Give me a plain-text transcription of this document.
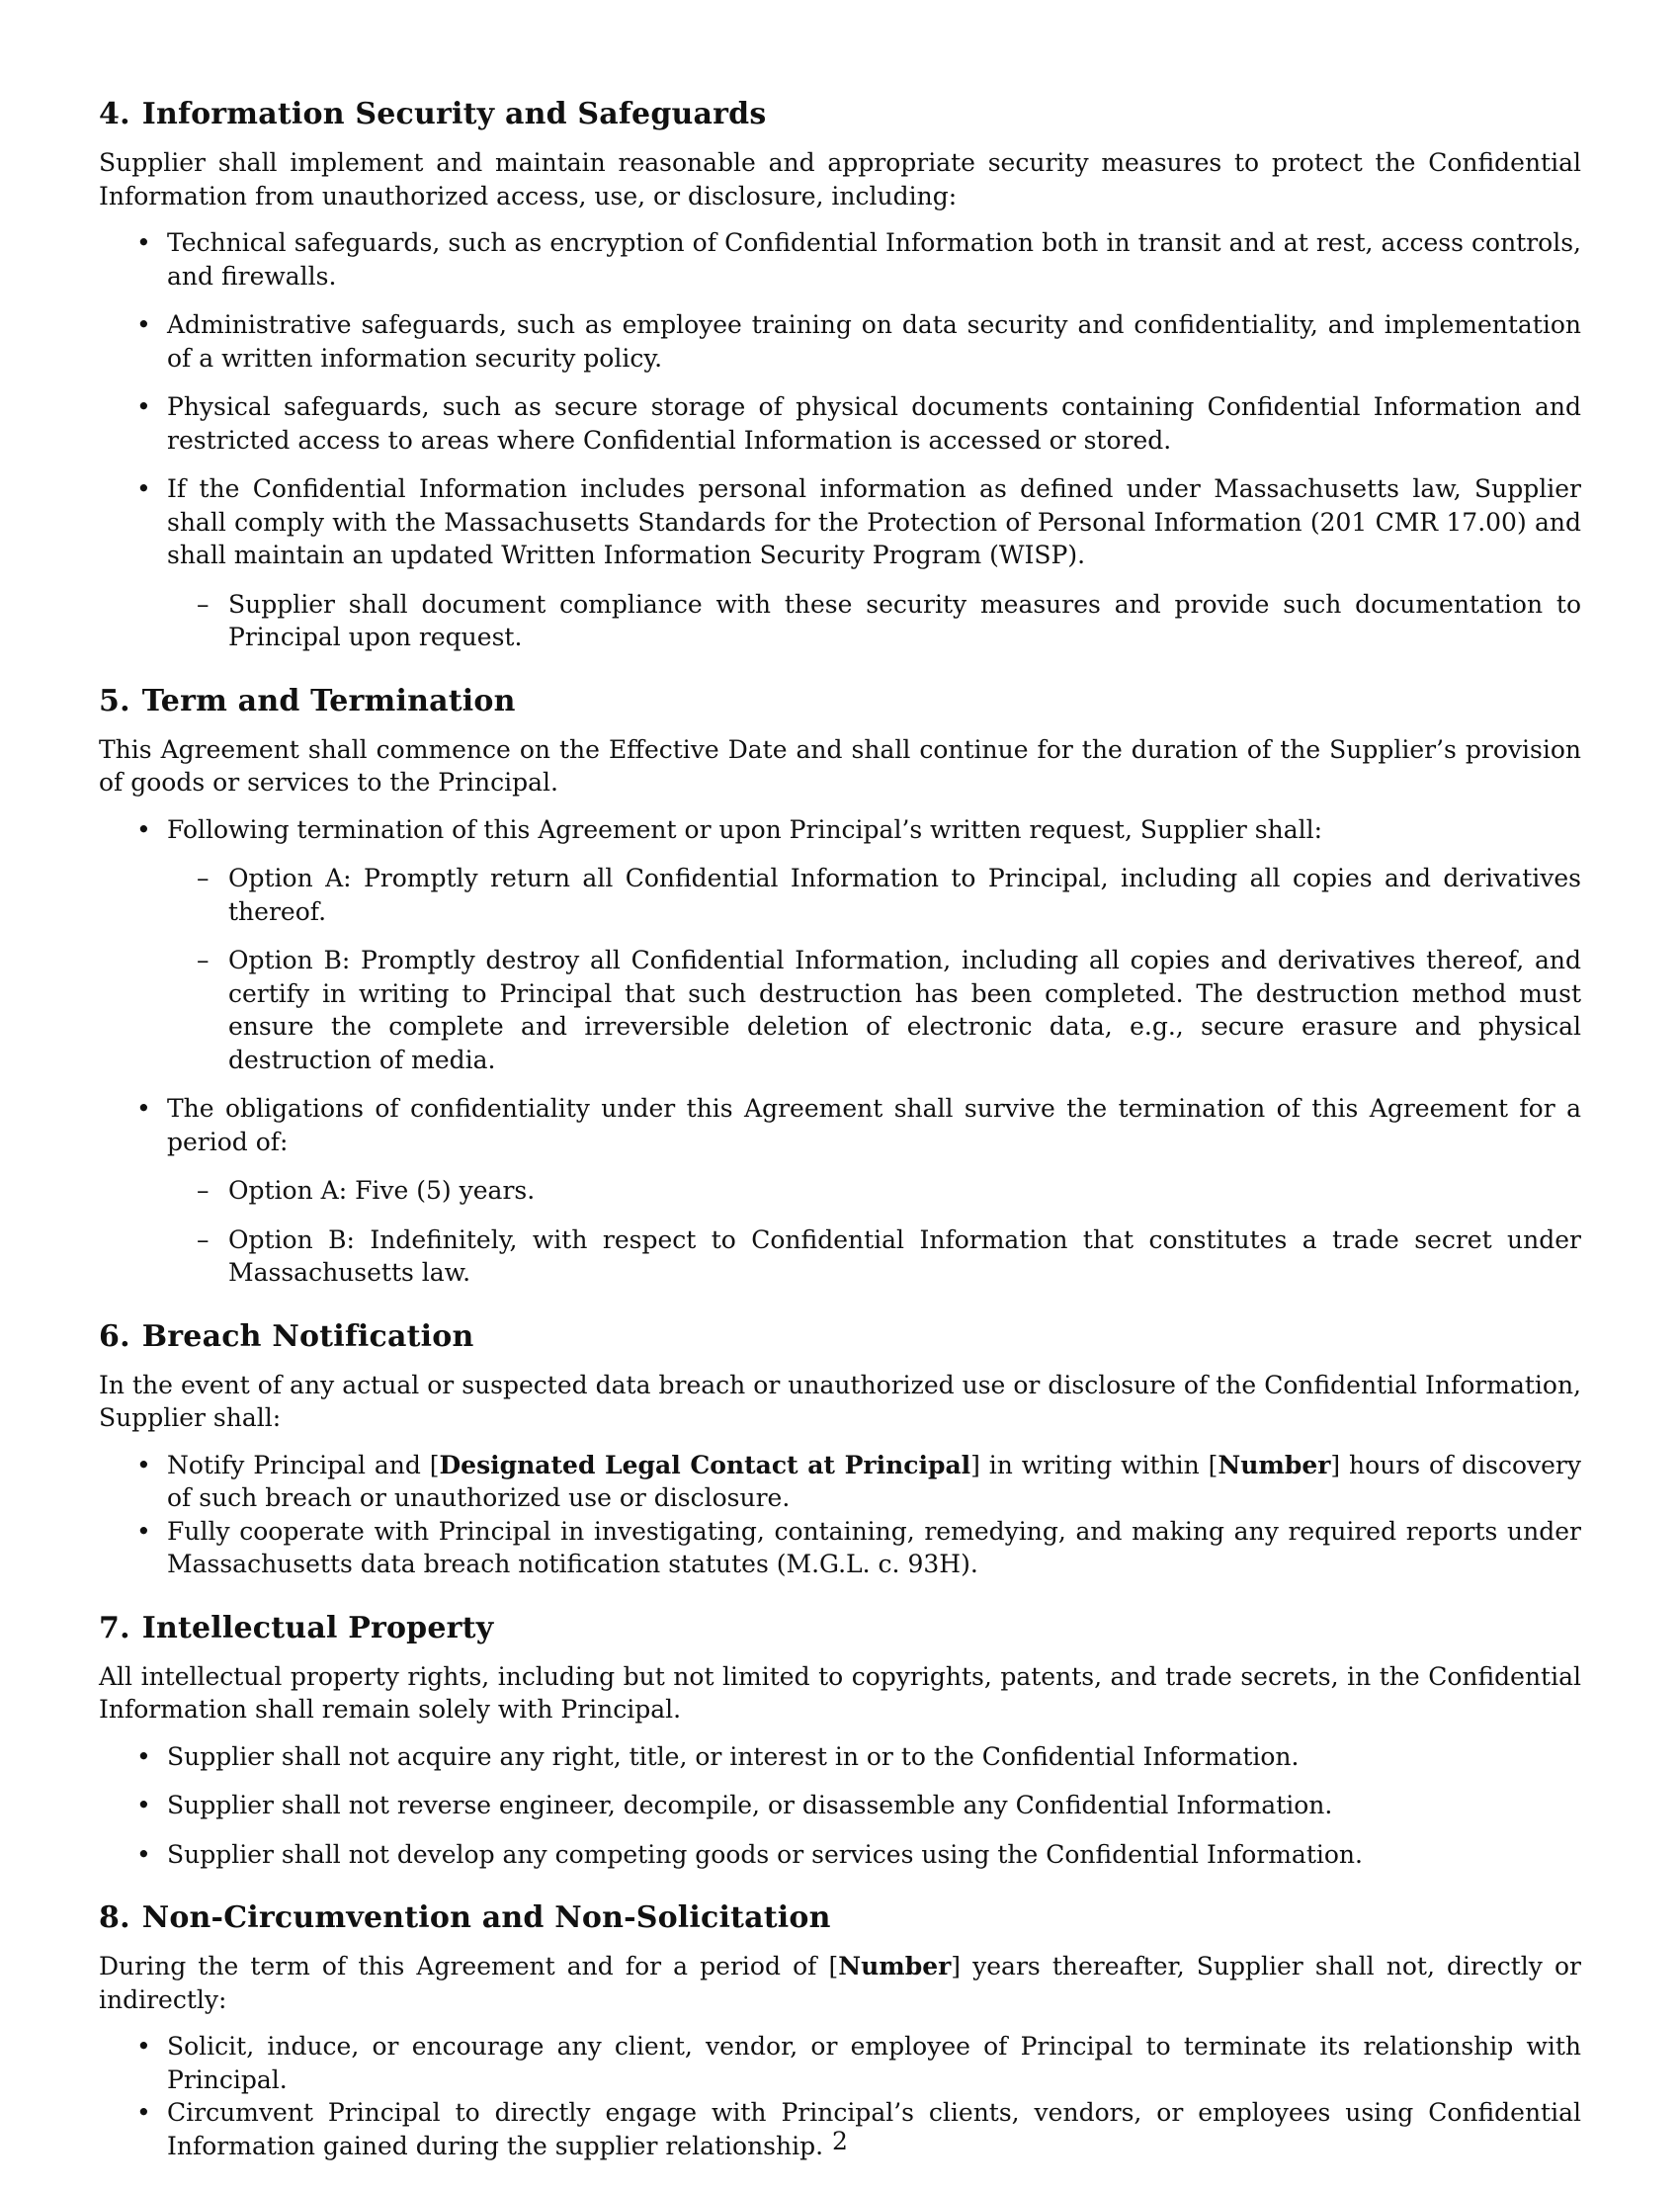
4. Information Security and Safeguards

Supplier shall implement and maintain reasonable and appropriate security measures to protect the Confidential Information from unauthorized access, use, or disclosure, including:

• Technical safeguards, such as encryption of Confidential Information both in transit and at rest, access controls, and firewalls.
• Administrative safeguards, such as employee training on data security and confidentiality, and implementation of a written information security policy.
• Physical safeguards, such as secure storage of physical documents containing Confidential Information and restricted access to areas where Confidential Information is accessed or stored.
• If the Confidential Information includes personal information as defined under Massachusetts law, Supplier shall comply with the Massachusetts Standards for the Protection of Personal Information (201 CMR 17.00) and shall maintain an updated Written Information Security Program (WISP).
– Supplier shall document compliance with these security measures and provide such documentation to Principal upon request.
5. Term and Termination

This Agreement shall commence on the Effective Date and shall continue for the duration of the Supplier’s provision of goods or services to the Principal.

• Following termination of this Agreement or upon Principal’s written request, Supplier shall:
– Option A: Promptly return all Confidential Information to Principal, including all copies and derivatives thereof.
– Option B: Promptly destroy all Confidential Information, including all copies and derivatives thereof, and certify in writing to Principal that such destruction has been completed. The destruction method must ensure the complete and irreversible deletion of electronic data, e.g., secure erasure and physical destruction of media.
• The obligations of confidentiality under this Agreement shall survive the termination of this Agreement for a period of:
– Option A: Five (5) years.
– Option B: Indefinitely, with respect to Confidential Information that constitutes a trade secret under Massachusetts law.
6. Breach Notification

In the event of any actual or suspected data breach or unauthorized use or disclosure of the Confidential Information, Supplier shall:

• Notify Principal and [Designated Legal Contact at Principal] in writing within [Number] hours of discovery of such breach or unauthorized use or disclosure.
• Fully cooperate with Principal in investigating, containing, remedying, and making any required reports under Massachusetts data breach notification statutes (M.G.L. c. 93H).
7. Intellectual Property

All intellectual property rights, including but not limited to copyrights, patents, and trade secrets, in the Confidential Information shall remain solely with Principal.

• Supplier shall not acquire any right, title, or interest in or to the Confidential Information.
• Supplier shall not reverse engineer, decompile, or disassemble any Confidential Information.
• Supplier shall not develop any competing goods or services using the Confidential Information.
8. Non-Circumvention and Non-Solicitation

During the term of this Agreement and for a period of [Number] years thereafter, Supplier shall not, directly or indirectly:

• Solicit, induce, or encourage any client, vendor, or employee of Principal to terminate its relationship with Principal.
• Circumvent Principal to directly engage with Principal’s clients, vendors, or employees using Confidential Information gained during the supplier relationship. 2
